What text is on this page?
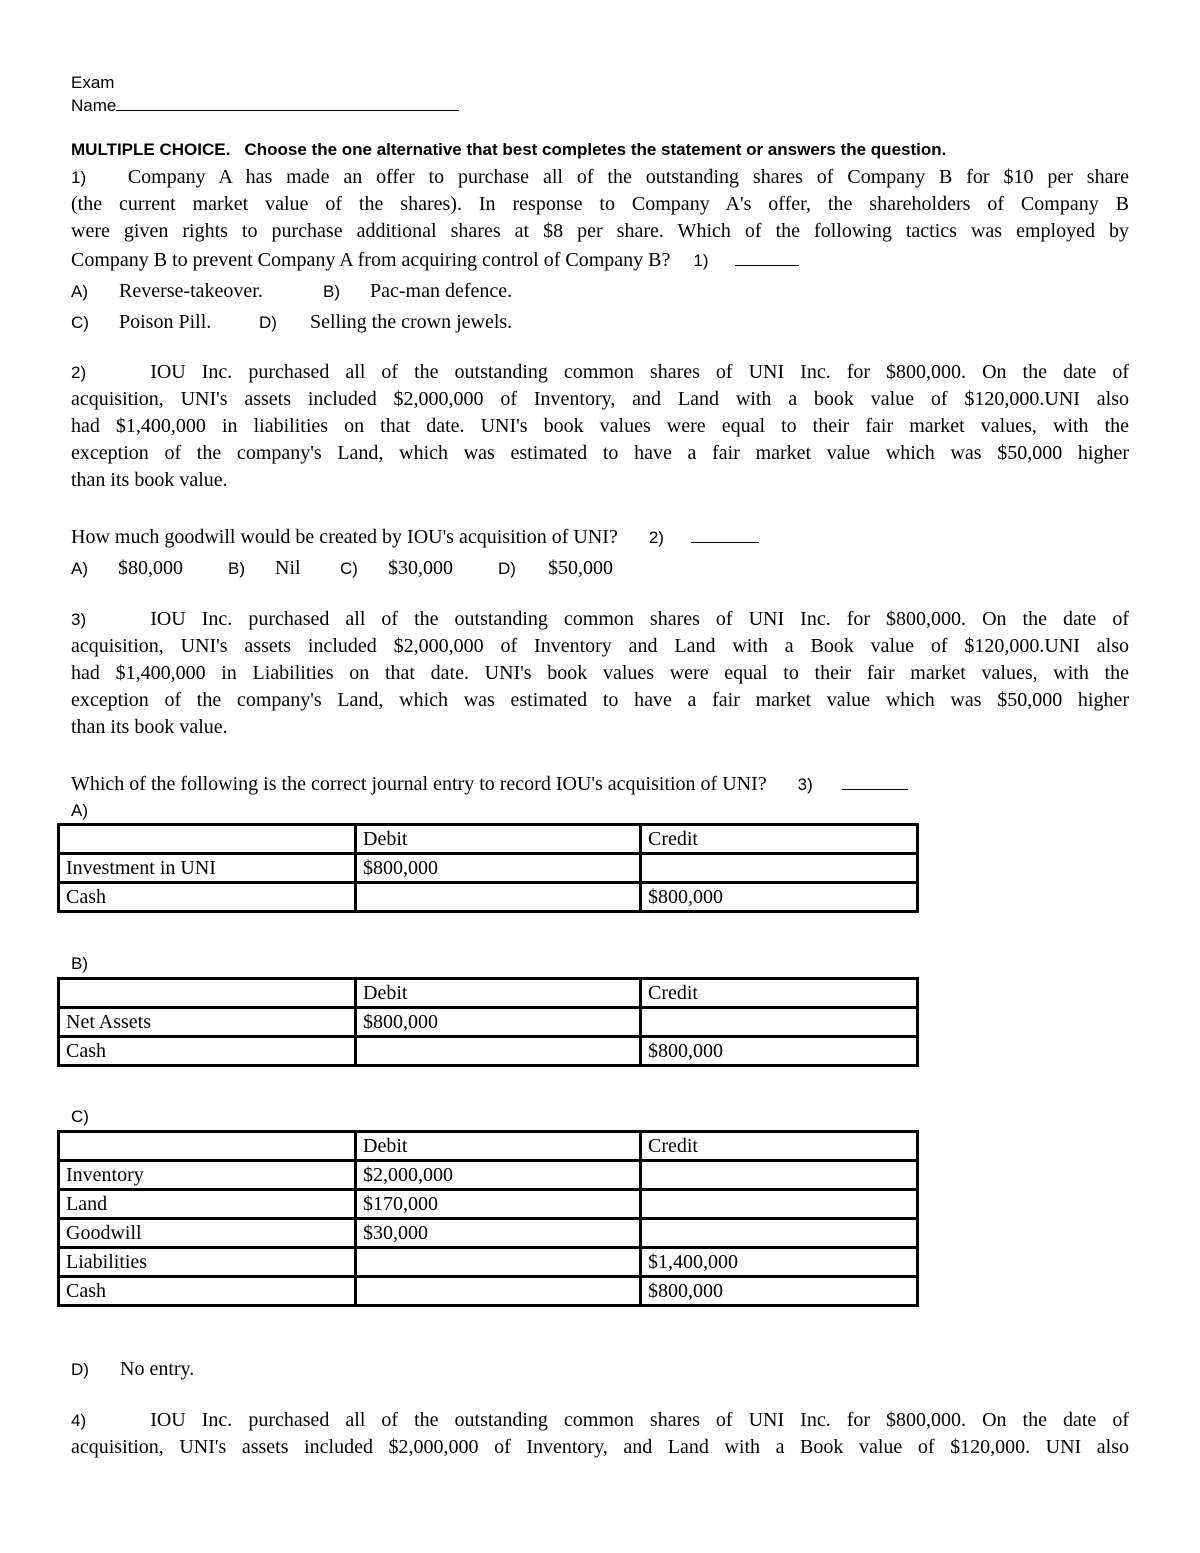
Exam
Name
MULTIPLE CHOICE. Choose the one alternative that best completes the statement or answers the question.
1) Company A has made an offer to purchase all of the outstanding shares of Company B for $10 per share
(the current market value of the shares). In response to Company A's offer, the shareholders of Company B
were given rights to purchase additional shares at $8 per share. Which of the following tactics was employed by
Company B to prevent Company A from acquiring control of Company B? 1)
A) Reverse-takeover.	B) Pac-man defence.
C) Poison Pill.	D) Selling the crown jewels.
2)	IOU Inc. purchased all of the outstanding common shares of UNI Inc. for $800,000. On the date of
acquisition, UNI's assets included $2,000,000 of Inventory, and Land with a book value of $120,000.UNI also
had $1,400,000 in liabilities on that date. UNI's book values were equal to their fair market values, with the
exception of the company's Land, which was estimated to have a fair market value which was $50,000 higher
than its book value.
How much goodwill would be created by IOU's acquisition of UNI? 2)
A) $80,000	B) Nil C) $30,000	D) $50,000
3)	IOU Inc. purchased all of the outstanding common shares of UNI Inc. for $800,000. On the date of
acquisition, UNI's assets included $2,000,000 of Inventory and Land with a Book value of $120,000.UNI also
had $1,400,000 in Liabilities on that date. UNI's book values were equal to their fair market values, with the
exception of the company's Land, which was estimated to have a fair market value which was $50,000 higher
than its book value.
Which of the following is the correct journal entry to record IOU's acquisition of UNI? 3)
A)
	Debit	Credit
Investment in UNI	$800,000	
Cash		$800,000
B)
	Debit	Credit
Net Assets	$800,000	
Cash		$800,000
C)
	Debit	Credit
Inventory	$2,000,000	
Land	$170,000	
Goodwill	$30,000	
Liabilities		$1,400,000
Cash		$800,000
D) No entry.
4)	IOU Inc. purchased all of the outstanding common shares of UNI Inc. for $800,000. On the date of
acquisition, UNI's assets included $2,000,000 of Inventory, and Land with a Book value of $120,000. UNI also
